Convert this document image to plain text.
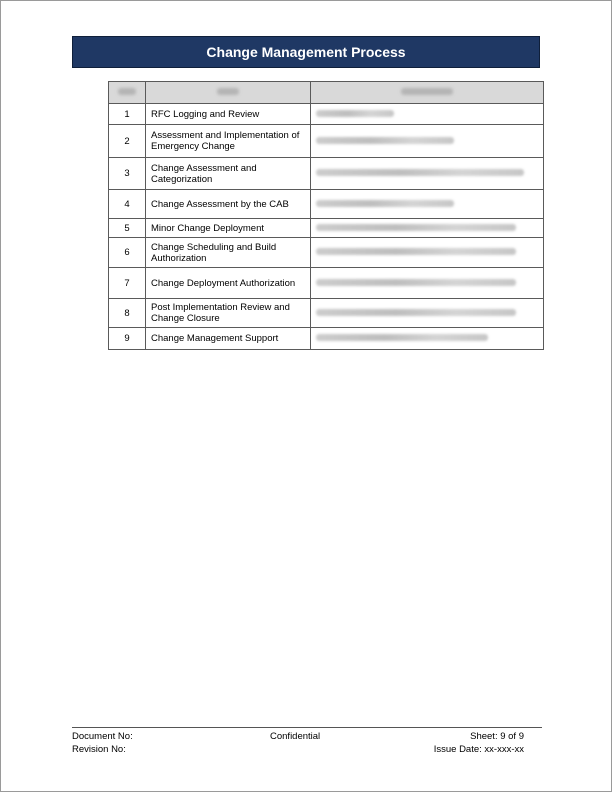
Change Management Process

1	RFC Logging and Review	
2	Assessment and Implementation of Emergency Change	
3	Change Assessment and Categorization	
4	Change Assessment by the CAB	
5	Minor Change Deployment	
6	Change Scheduling and Build Authorization	
7	Change Deployment Authorization	
8	Post Implementation Review and Change Closure	
9	Change Management Support	
Document No:
Revision No:
Confidential	Sheet: 9 of 9
Issue Date: xx-xxx-xx
